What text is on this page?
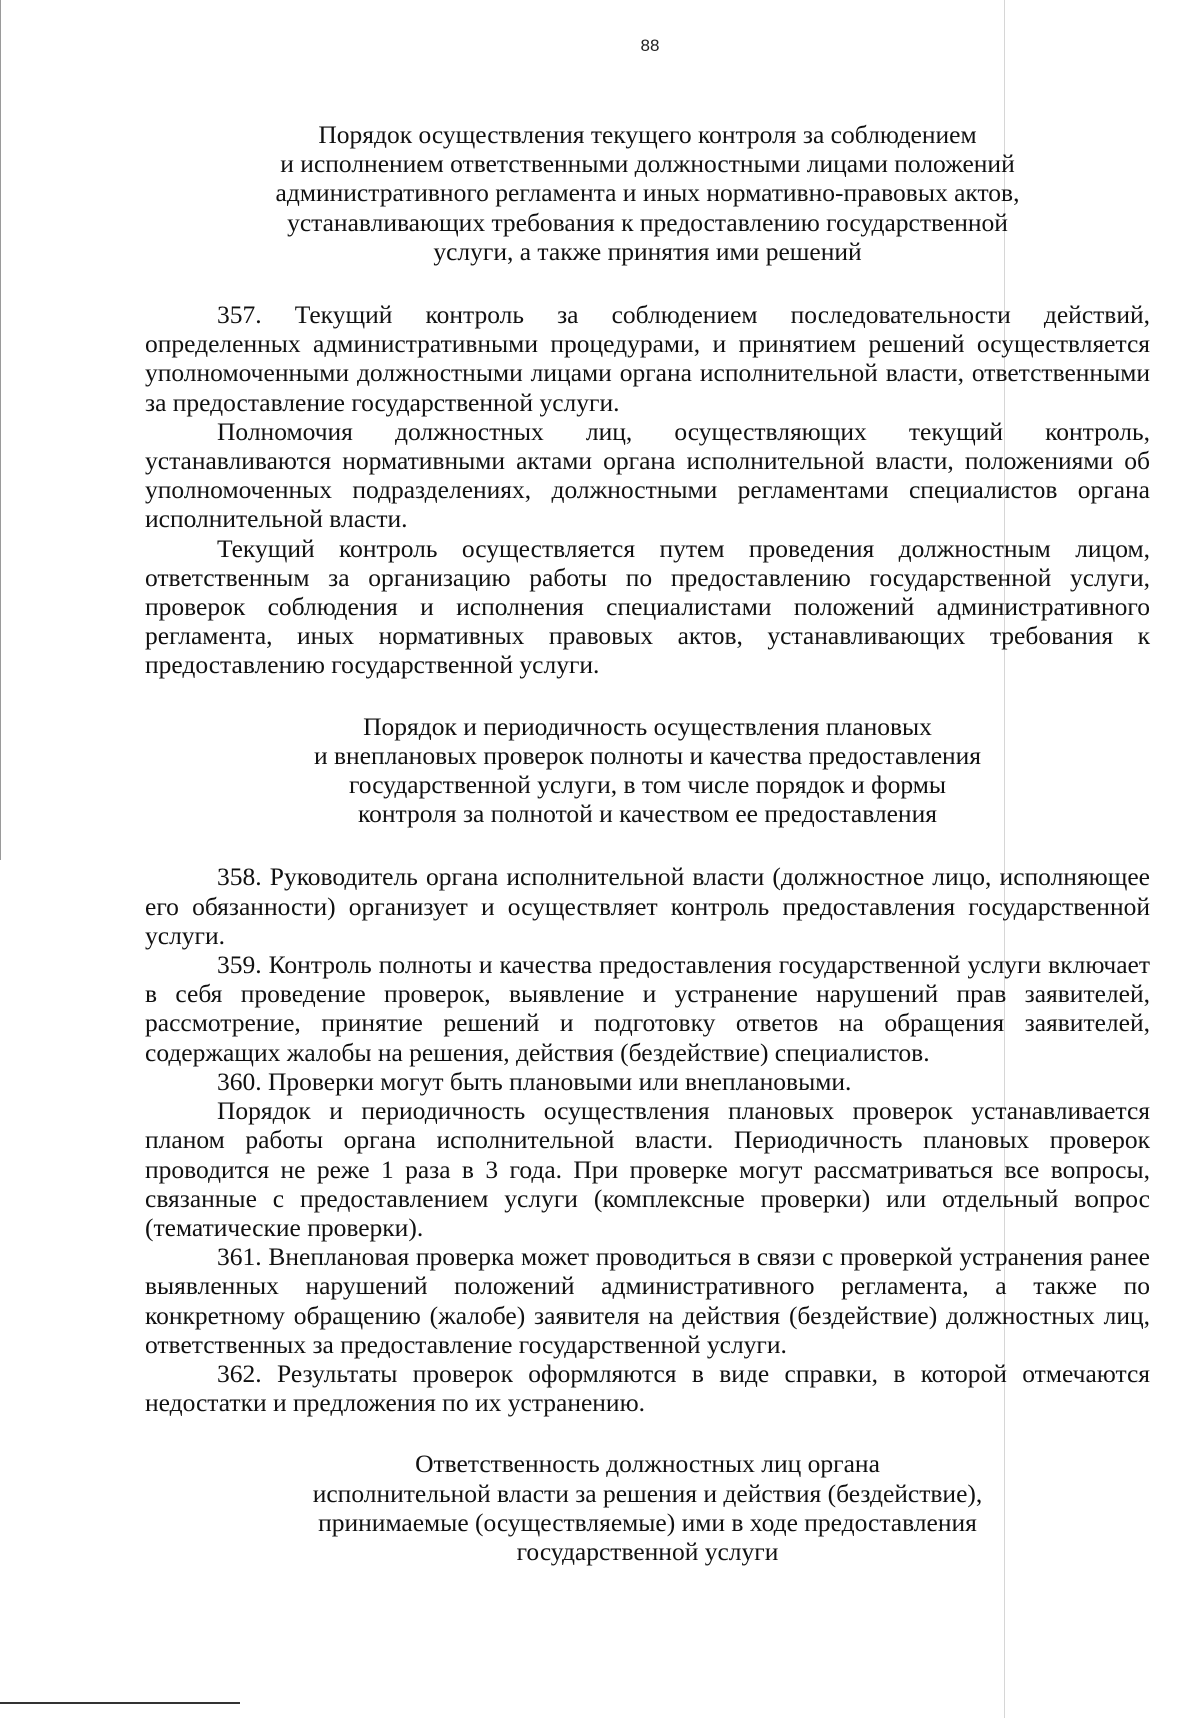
88
Порядок осуществления текущего контроля за соблюдением
и исполнением ответственными должностными лицами положений
административного регламента и иных нормативно-правовых актов,
устанавливающих требования к предоставлению государственной
услуги, а также принятия ими решений

357. Текущий контроль за соблюдением последовательности действий, определенных административными процедурами, и принятием решений осуществляется уполномоченными должностными лицами органа исполнительной власти, ответственными за предоставление государственной услуги.

Полномочия должностных лиц, осуществляющих текущий контроль, устанавливаются нормативными актами органа исполнительной власти, положениями об уполномоченных подразделениях, должностными регламентами специалистов органа исполнительной власти.

Текущий контроль осуществляется путем проведения должностным лицом, ответственным за организацию работы по предоставлению государственной услуги, проверок соблюдения и исполнения специалистами положений административного регламента, иных нормативных правовых актов, устанавливающих требования к предоставлению государственной услуги.

Порядок и периодичность осуществления плановых
и внеплановых проверок полноты и качества предоставления
государственной услуги, в том числе порядок и формы
контроля за полнотой и качеством ее предоставления

358. Руководитель органа исполнительной власти (должностное лицо, исполняющее его обязанности) организует и осуществляет контроль предоставления государственной услуги.

359. Контроль полноты и качества предоставления государственной услуги включает в себя проведение проверок, выявление и устранение нарушений прав заявителей, рассмотрение, принятие решений и подготовку ответов на обращения заявителей, содержащих жалобы на решения, действия (бездействие) специалистов.

360. Проверки могут быть плановыми или внеплановыми.

Порядок и периодичность осуществления плановых проверок устанавливается планом работы органа исполнительной власти. Периодичность плановых проверок проводится не реже 1 раза в 3 года. При проверке могут рассматриваться все вопросы, связанные с предоставлением услуги (комплексные проверки) или отдельный вопрос (тематические проверки).

361. Внеплановая проверка может проводиться в связи с проверкой устранения ранее выявленных нарушений положений административного регламента, а также по конкретному обращению (жалобе) заявителя на действия (бездействие) должностных лиц, ответственных за предоставление государственной услуги.

362. Результаты проверок оформляются в виде справки, в которой отмечаются недостатки и предложения по их устранению.

Ответственность должностных лиц органа
исполнительной власти за решения и действия (бездействие),
принимаемые (осуществляемые) ими в ходе предоставления
государственной услуги
